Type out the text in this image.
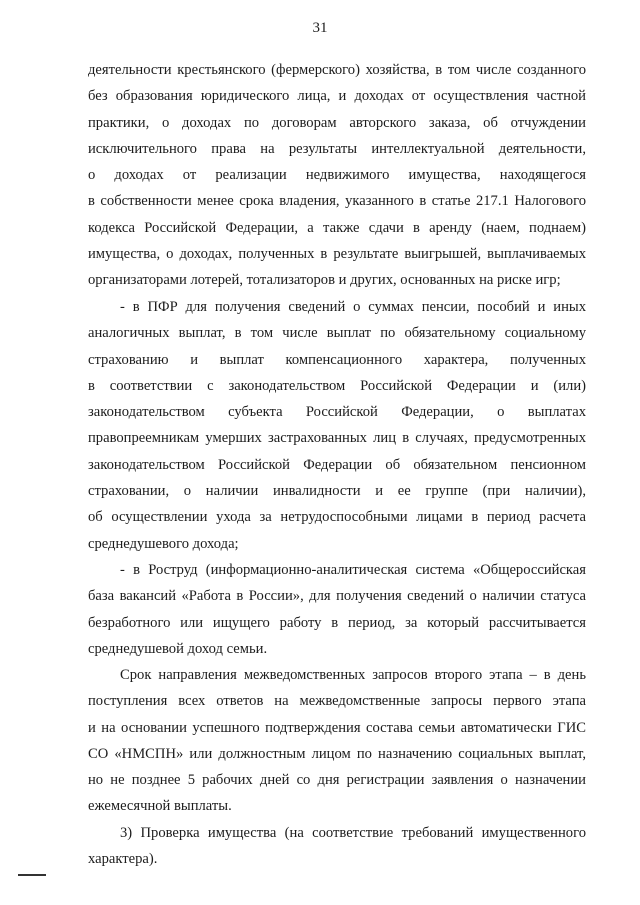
31
деятельности крестьянского (фермерского) хозяйства, в том числе созданного
без образования юридического лица, и доходах от осуществления частной
практики, о доходах по договорам авторского заказа, об отчуждении
исключительного права на результаты интеллектуальной деятельности,
о доходах от реализации недвижимого имущества, находящегося
в собственности менее срока владения, указанного в статье 217.1 Налогового
кодекса Российской Федерации, а также сдачи в аренду (наем, поднаем)
имущества, о доходах, полученных в результате выигрышей, выплачиваемых
организаторами лотерей, тотализаторов и других, основанных на риске игр;
- в ПФР для получения сведений о суммах пенсии, пособий и иных
аналогичных выплат, в том числе выплат по обязательному социальному
страхованию и выплат компенсационного характера, полученных
в соответствии с законодательством Российской Федерации и (или)
законодательством субъекта Российской Федерации, о выплатах
правопреемникам умерших застрахованных лиц в случаях, предусмотренных
законодательством Российской Федерации об обязательном пенсионном
страховании, о наличии инвалидности и ее группе (при наличии),
об осуществлении ухода за нетрудоспособными лицами в период расчета
среднедушевого дохода;
- в Роструд (информационно-аналитическая система «Общероссийская
база вакансий «Работа в России», для получения сведений о наличии статуса
безработного или ищущего работу в период, за который рассчитывается
среднедушевой доход семьи.
Срок направления межведомственных запросов второго этапа – в день
поступления всех ответов на межведомственные запросы первого этапа
и на основании успешного подтверждения состава семьи автоматически ГИС
СО «НМСПН» или должностным лицом по назначению социальных выплат,
но не позднее 5 рабочих дней со дня регистрации заявления о назначении
ежемесячной выплаты.
3) Проверка имущества (на соответствие требований имущественного
характера).
